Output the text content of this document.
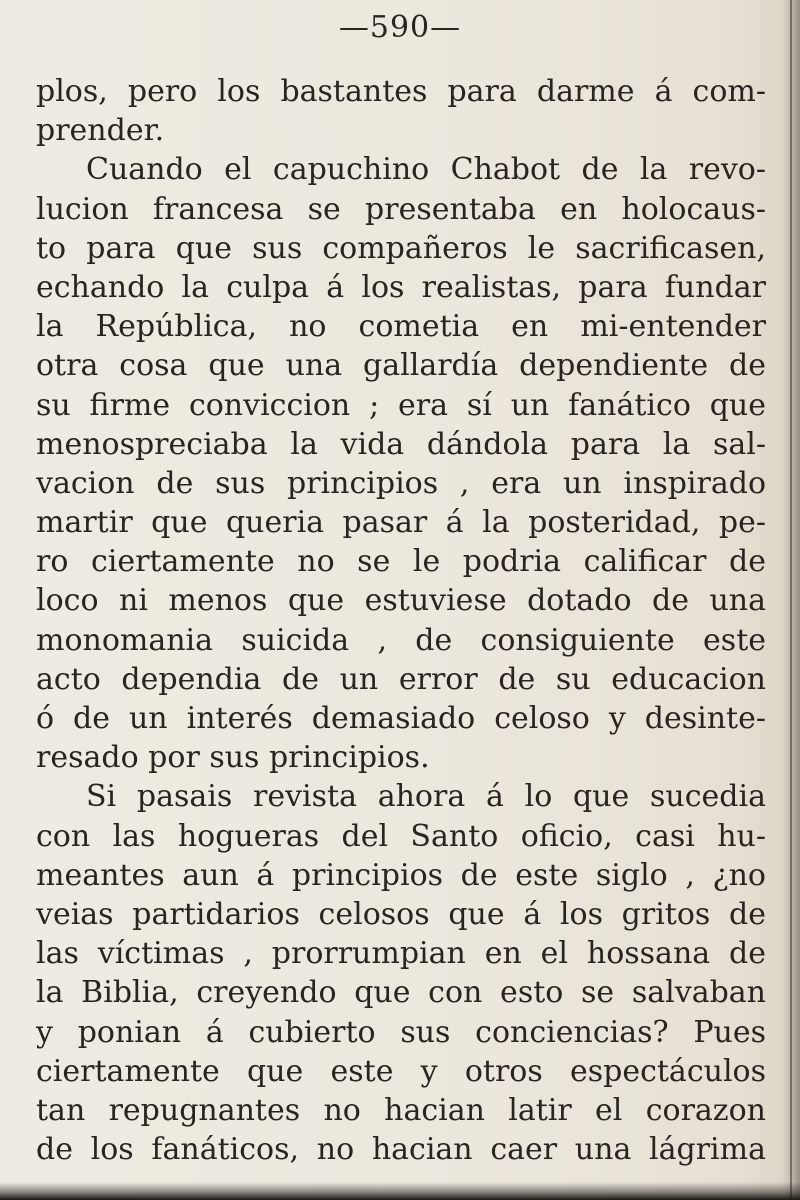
—590—
plos, pero los bastantes para darme á com-
prender.
Cuando el capuchino Chabot de la revo-
lucion francesa se presentaba en holocaus-
to para que sus compañeros le sacrificasen,
echando la culpa á los realistas, para fundar
la República, no cometia en mi-entender
otra cosa que una gallardía dependiente de
su firme conviccion ; era sí un fanático que
menospreciaba la vida dándola para la sal-
vacion de sus principios , era un inspirado
martir que queria pasar á la posteridad, pe-
ro ciertamente no se le podria calificar de
loco ni menos que estuviese dotado de una
monomania suicida , de consiguiente este
acto dependia de un error de su educacion
ó de un interés demasiado celoso y desinte-
resado por sus principios.
Si pasais revista ahora á lo que sucedia
con las hogueras del Santo oficio, casi hu-
meantes aun á principios de este siglo , ¿no
veias partidarios celosos que á los gritos de
las víctimas , prorrumpian en el hossana de
la Biblia, creyendo que con esto se salvaban
y ponian á cubierto sus conciencias? Pues
ciertamente que este y otros espectáculos
tan repugnantes no hacian latir el corazon
de los fanáticos, no hacian caer una lágrima
